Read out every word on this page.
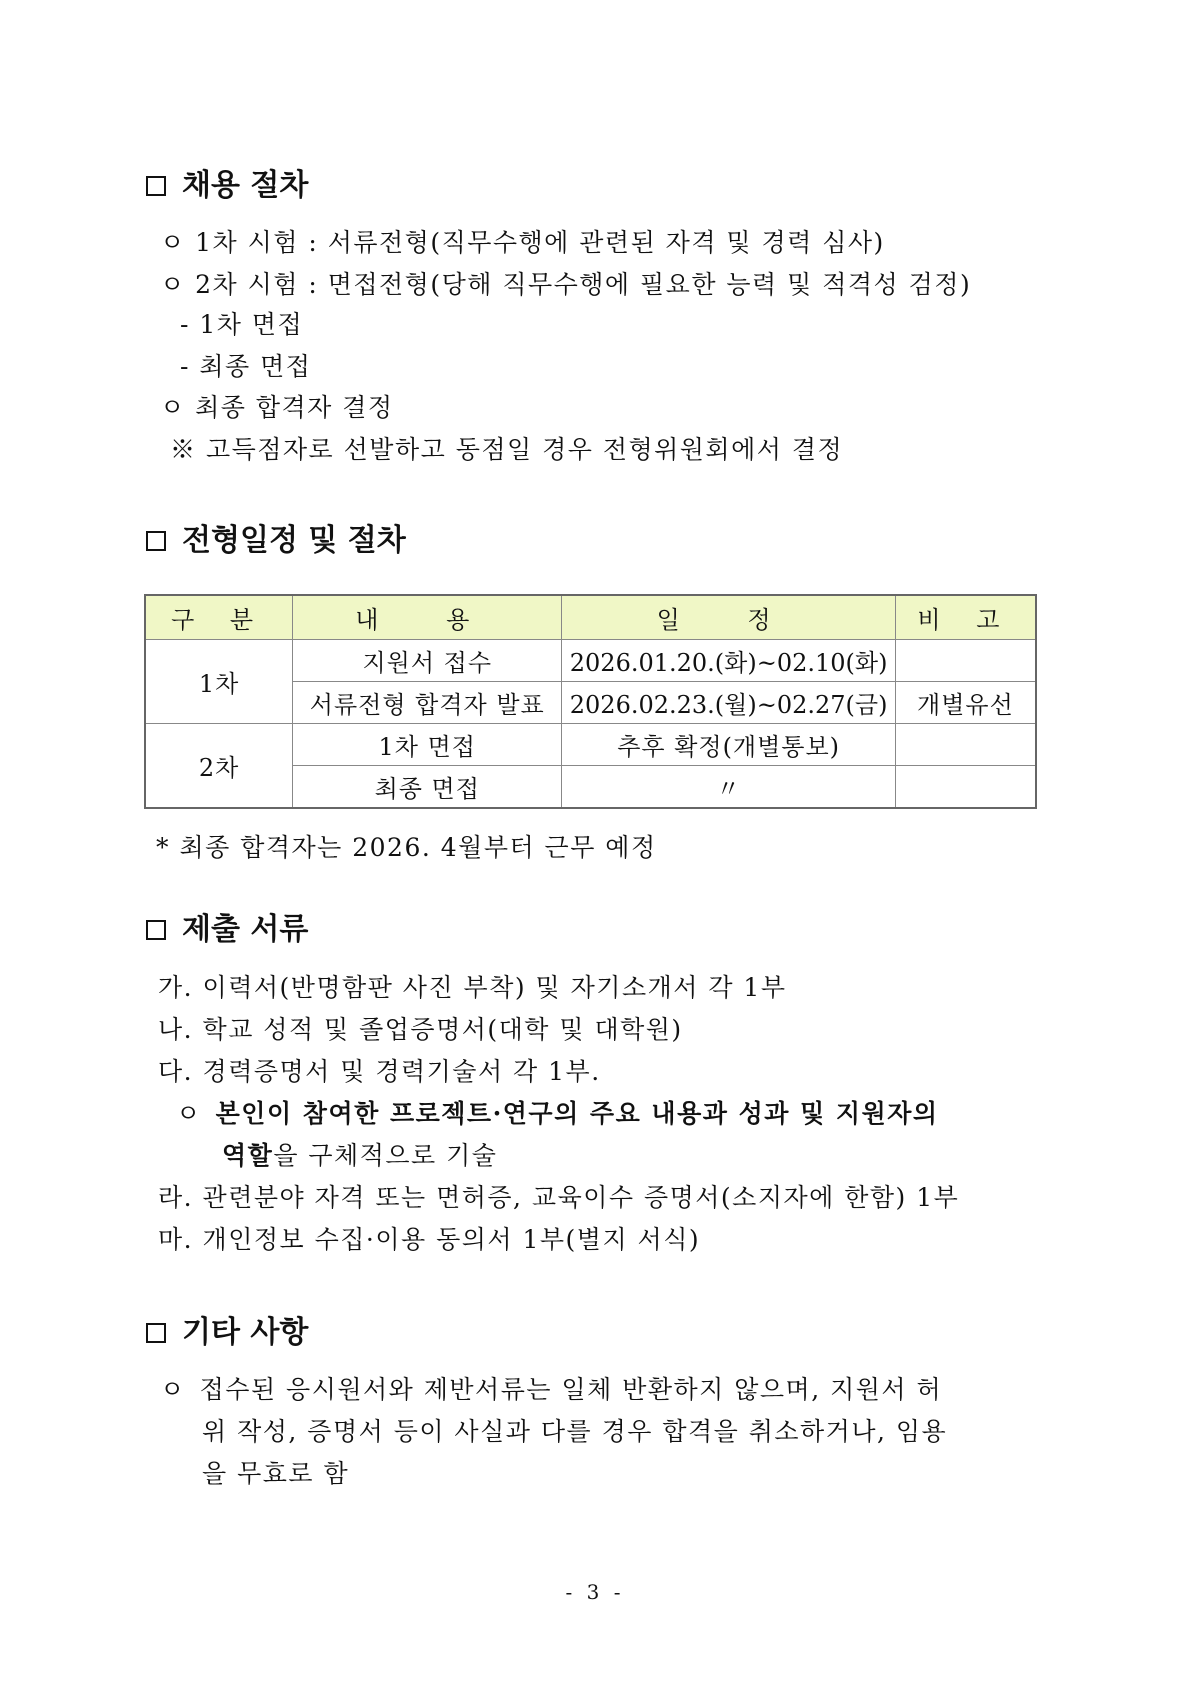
채용 절차
ㅇ 1차 시험 : 서류전형(직무수행에 관련된 자격 및 경력 심사)
ㅇ 2차 시험 : 면접전형(당해 직무수행에 필요한 능력 및 적격성 검정)
- 1차 면접
- 최종 면접
ㅇ 최종 합격자 결정
※ 고득점자로 선발하고 동점일 경우 전형위원회에서 결정
전형일정 및 절차
구 분	내 용	일 정	비 고
1차	지원서 접수	2026.01.20.(화)~02.10(화)	
	서류전형 합격자 발표	2026.02.23.(월)~02.27(금)	개별유선
2차	1차 면접	추후 확정(개별통보)	
	최종 면접	〃	
* 최종 합격자는 2026. 4월부터 근무 예정
제출 서류
가. 이력서(반명함판 사진 부착) 및 자기소개서 각 1부
나. 학교 성적 및 졸업증명서(대학 및 대학원)
다. 경력증명서 및 경력기술서 각 1부.
ㅇ 본인이 참여한 프로젝트·연구의 주요 내용과 성과 및 지원자의
역할을 구체적으로 기술
라. 관련분야 자격 또는 면허증, 교육이수 증명서(소지자에 한함) 1부
마. 개인정보 수집·이용 동의서 1부(별지 서식)
기타 사항
ㅇ 접수된 응시원서와 제반서류는 일체 반환하지 않으며, 지원서 허
위 작성, 증명서 등이 사실과 다를 경우 합격을 취소하거나, 임용
을 무효로 함
- 3 -
